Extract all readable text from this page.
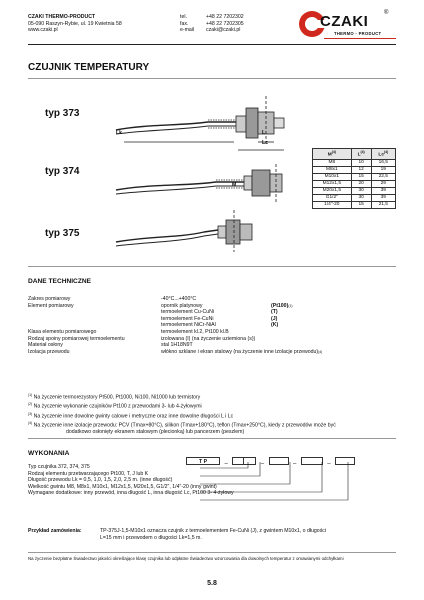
CZAKI THERMO-PRODUCT
05-090 Raszyn-Rybie, ul. 19 Kwietnia 58
www.czaki.pl
tel.
fax.
e-mail
+48 22 7202302
+48 22 7202305
czaki@czaki.pl
CZAKI	®
THERMO - PRODUCT
CZUJNIK TEMPERATURY
typ 373
typ 374
typ 375
Lk	L
Lc
M
$M^{(4)}$	$L^{(4)}$	Lc$^{(4)}$
M8	10	16,5
M8x1	12	19
M10x1	15	22,5
M12x1,5	20	29
M20x1,5	30	39
G1/2"	30	39
1/4"-20	15	21,5
DANE TECHNICZNE
Zakres pomiarowy	-40°C...+400°C
Element pomiarowy	opornik platynowy	(Pt100) (1)
termoelement Cu-CuNi	(T)
termoelement Fe-CuNi	(J)
termoelement NiCr-NiAl	(K)
Klasa elementu pomiarowego	termoelement kl.2, Pt100 kl.B
Rodzaj spoiny pomiarowej termoelementu	izolowana (I) (na życzenie uziemiona (s))
Materiał osłony	stal 1H18N9T
Izolacja przewodu	włókno szklane i ekran stalowy (na życzenie inne izolacje przewodu) (4)
$^{(1)}$ Na życzenie termorezystory Pt500, Pt1000, Ni100, Ni1000 lub termistory
$^{(2)}$ Na życzenie wykonanie czujników Pt100 z przewodami 3- lub 4-żyłowymi
$^{(3)}$ Na życzenie inne dowolne gwinty calowe i metryczne oraz inne dowolne długości L i Lc
$^{(4)}$ Na życzenie inne izolacje przewodu: PCV (Tmax+80°C), silikon (Tmax+180°C), teflon (Tmax+250°C), kiedy z przewodów może być
dodatkowo osłonięty ekranem stalowym (plecionką) lub pancerzem (peszlem)
WYKONANIA
T P	–	–	–	–
Typ czujnika 372, 374, 375
Rodzaj elementu przetwarzającego Pt100, T, J lub K
Długość przewodu Lk = 0,5, 1,0, 1,5, 2,0, 2,5 m. (inne długość)
Wielkość gwintu M8, M8x1, M10x1, M12x1,5, M20x1,5, G1/2", 1/4"-20 (inny gwint)
Wymagane dodatkowe: inny przewód, inna długość L, inna długość Lc, Pt100 3- 4-żyłowy
Przykład zamówienia:	TP-375J-1,5-M10x1 oznacza czujnik z termoelementem Fe-CuNi (J), z gwintem M10x1, o długości
L=15 mm i przewodem o długości Lk=1,5 m.
Na życzenie bezpłatne Świadectwo jakości określające klasę czujnika lub odpłatne Świadectwo wzorcowania dla dowolnych temperatur z omawianymi odchyłkami
5.8
